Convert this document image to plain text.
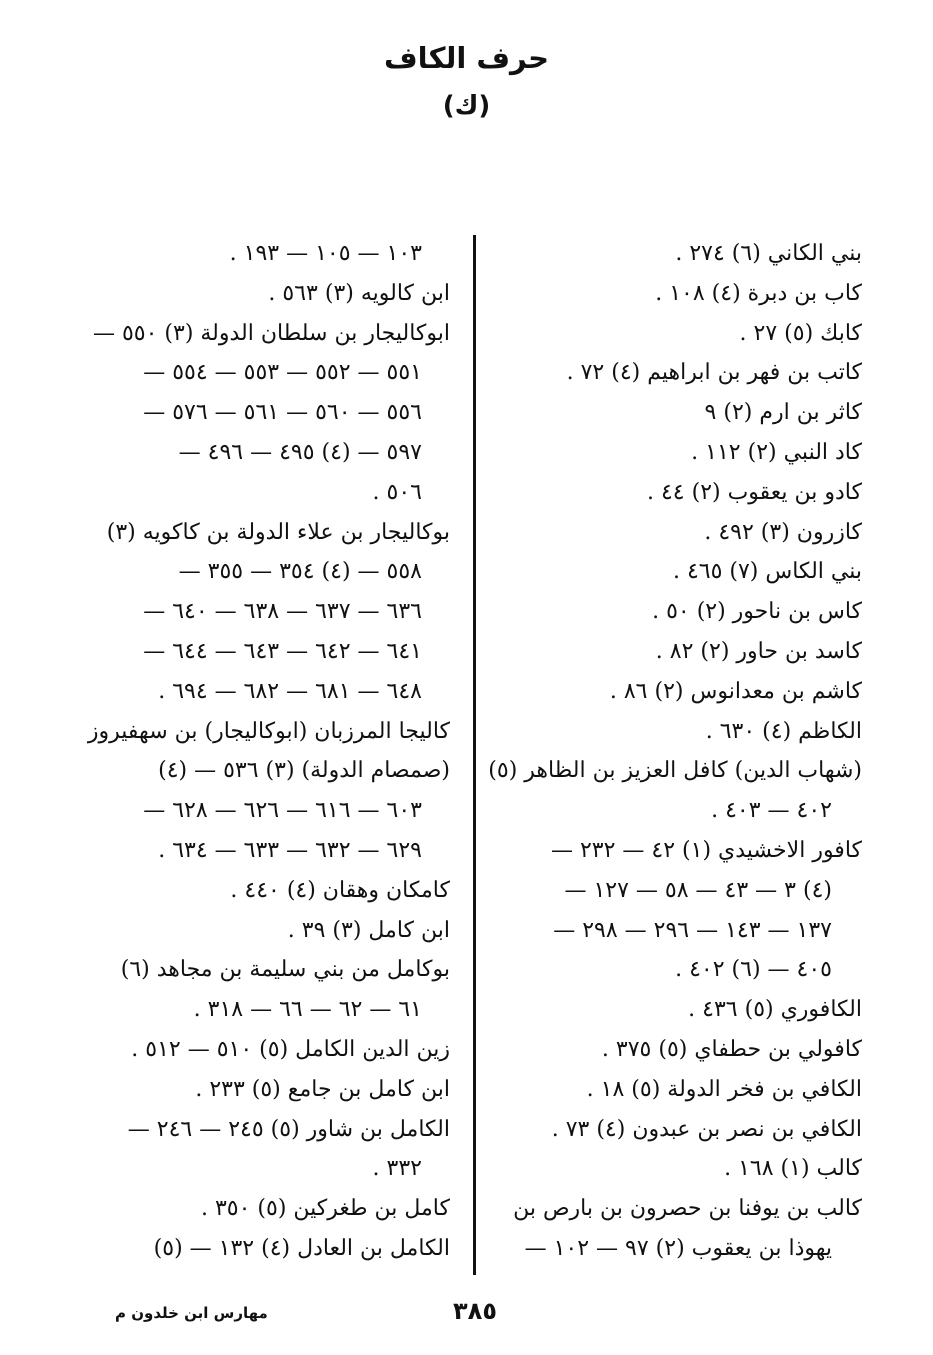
حرف الكاف
(ك)
بني الكاني (٦) ٢٧٤ .
كاب بن دبرة (٤) ١٠٨ .
كابك (٥) ٢٧ .
كاتب بن فهر بن ابراهيم (٤) ٧٢ .
كاثر بن ارم (٢) ٩
كاد النبي (٢) ١١٢ .
كادو بن يعقوب (٢) ٤٤ .
كازرون (٣) ٤٩٢ .
بني الكاس (٧) ٤٦٥ .
كاس بن ناحور (٢) ٥٠ .
كاسد بن حاور (٢) ٨٢ .
كاشم بن معدانوس (٢) ٨٦ .
الكاظم (٤) ٦٣٠ .
(شهاب الدين) كافل العزيز بن الظاهر (٥)
٤٠٢ — ٤٠٣ .
كافور الاخشيدي (١) ٤٢ — ٢٣٢ —
(٤) ٣ — ٤٣ — ٥٨ — ١٢٧ —
١٣٧ — ١٤٣ — ٢٩٦ — ٢٩٨ —
٤٠٥ — (٦) ٤٠٢ .
الكافوري (٥) ٤٣٦ .
كافولي بن حطفاي (٥) ٣٧٥ .
الكافي بن فخر الدولة (٥) ١٨ .
الكافي بن نصر بن عبدون (٤) ٧٣ .
كالب (١) ١٦٨ .
كالب بن يوفنا بن حصرون بن بارص بن
يهوذا بن يعقوب (٢) ٩٧ — ١٠٢ —
١٠٣ — ١٠٥ — ١٩٣ .
ابن كالويه (٣) ٥٦٣ .
ابوكاليجار بن سلطان الدولة (٣) ٥٥٠ —
٥٥١ — ٥٥٢ — ٥٥٣ — ٥٥٤ —
٥٥٦ — ٥٦٠ — ٥٦١ — ٥٧٦ —
٥٩٧ — (٤) ٤٩٥ — ٤٩٦ —
٥٠٦ .
بوكاليجار بن علاء الدولة بن كاكويه (٣)
٥٥٨ — (٤) ٣٥٤ — ٣٥٥ —
٦٣٦ — ٦٣٧ — ٦٣٨ — ٦٤٠ —
٦٤١ — ٦٤٢ — ٦٤٣ — ٦٤٤ —
٦٤٨ — ٦٨١ — ٦٨٢ — ٦٩٤ .
كاليجا المرزبان (ابوكاليجار) بن سهفيروز
(صمصام الدولة) (٣) ٥٣٦ — (٤)
٦٠٣ — ٦١٦ — ٦٢٦ — ٦٢٨ —
٦٢٩ — ٦٣٢ — ٦٣٣ — ٦٣٤ .
كامكان وهقان (٤) ٤٤٠ .
ابن كامل (٣) ٣٩ .
بوكامل من بني سليمة بن مجاهد (٦)
٦١ — ٦٢ — ٦٦ — ٣١٨ .
زين الدين الكامل (٥) ٥١٠ — ٥١٢ .
ابن كامل بن جامع (٥) ٢٣٣ .
الكامل بن شاور (٥) ٢٤٥ — ٢٤٦ —
٣٣٢ .
كامل بن طغركين (٥) ٣٥٠ .
الكامل بن العادل (٤) ١٣٢ — (٥)
مهارس ابن خلدون م	٣٨٥
